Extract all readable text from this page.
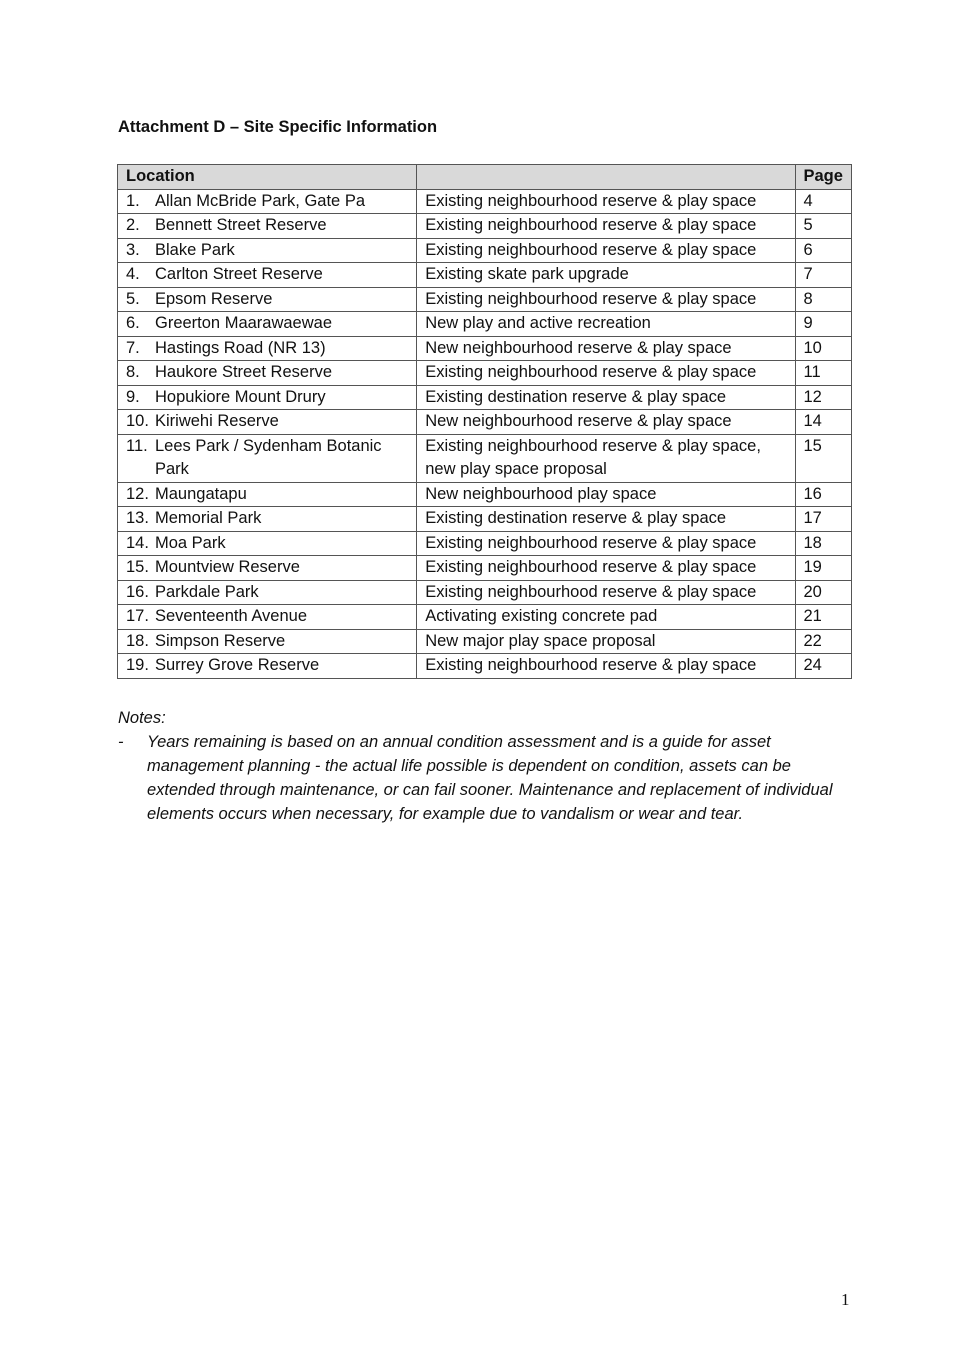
Attachment D – Site Specific Information
Location		Page

1. Allan McBride Park, Gate Pa	Existing neighbourhood reserve & play space	4

2. Bennett Street Reserve	Existing neighbourhood reserve & play space	5

3. Blake Park	Existing neighbourhood reserve & play space	6

4. Carlton Street Reserve	Existing skate park upgrade	7

5. Epsom Reserve	Existing neighbourhood reserve & play space	8

6. Greerton Maarawaewae	New play and active recreation	9

7. Hastings Road (NR 13)	New neighbourhood reserve & play space	10

8. Haukore Street Reserve	Existing neighbourhood reserve & play space	11

9. Hopukiore Mount Drury	Existing destination reserve & play space	12

10. Kiriwehi Reserve	New neighbourhood reserve & play space	14

11. Lees Park / Sydenham Botanic Park	Existing neighbourhood reserve & play space, new play space proposal	15

12. Maungatapu	New neighbourhood play space	16

13. Memorial Park	Existing destination reserve & play space	17

14. Moa Park	Existing neighbourhood reserve & play space	18

15. Mountview Reserve	Existing neighbourhood reserve & play space	19

16. Parkdale Park	Existing neighbourhood reserve & play space	20

17. Seventeenth Avenue	Activating existing concrete pad	21

18. Simpson Reserve	New major play space proposal	22

19. Surrey Grove Reserve	Existing neighbourhood reserve & play space	24
Notes:
-	Years remaining is based on an annual condition assessment and is a guide for asset management planning - the actual life possible is dependent on condition, assets can be extended through maintenance, or can fail sooner. Maintenance and replacement of individual elements occurs when necessary, for example due to vandalism or wear and tear.
1
